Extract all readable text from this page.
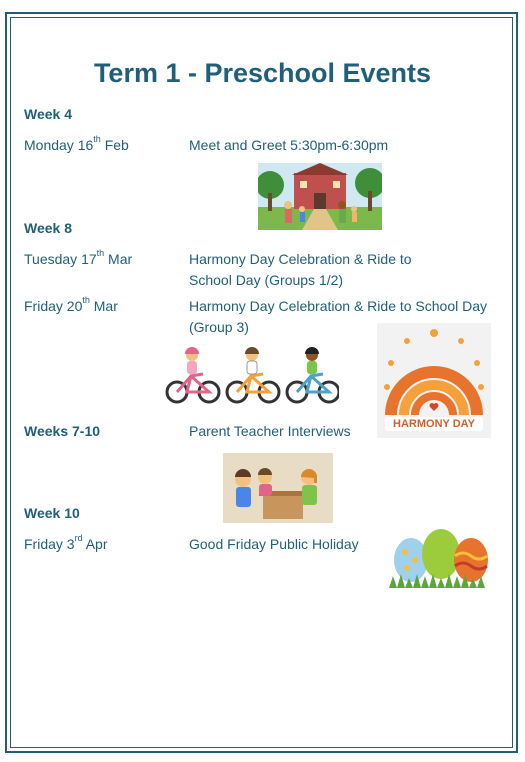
Term 1 - Preschool Events
Week 4
Monday 16th Feb	Meet and Greet 5:30pm-6:30pm
Week 8
Tuesday 17th Mar	Harmony Day Celebration & Ride to
School Day (Groups 1/2)
Friday 20th Mar	Harmony Day Celebration & Ride to School Day
(Group 3)
HARMONY DAY
Weeks 7-10	Parent Teacher Interviews
Week 10
Friday 3rd Apr	Good Friday Public Holiday
